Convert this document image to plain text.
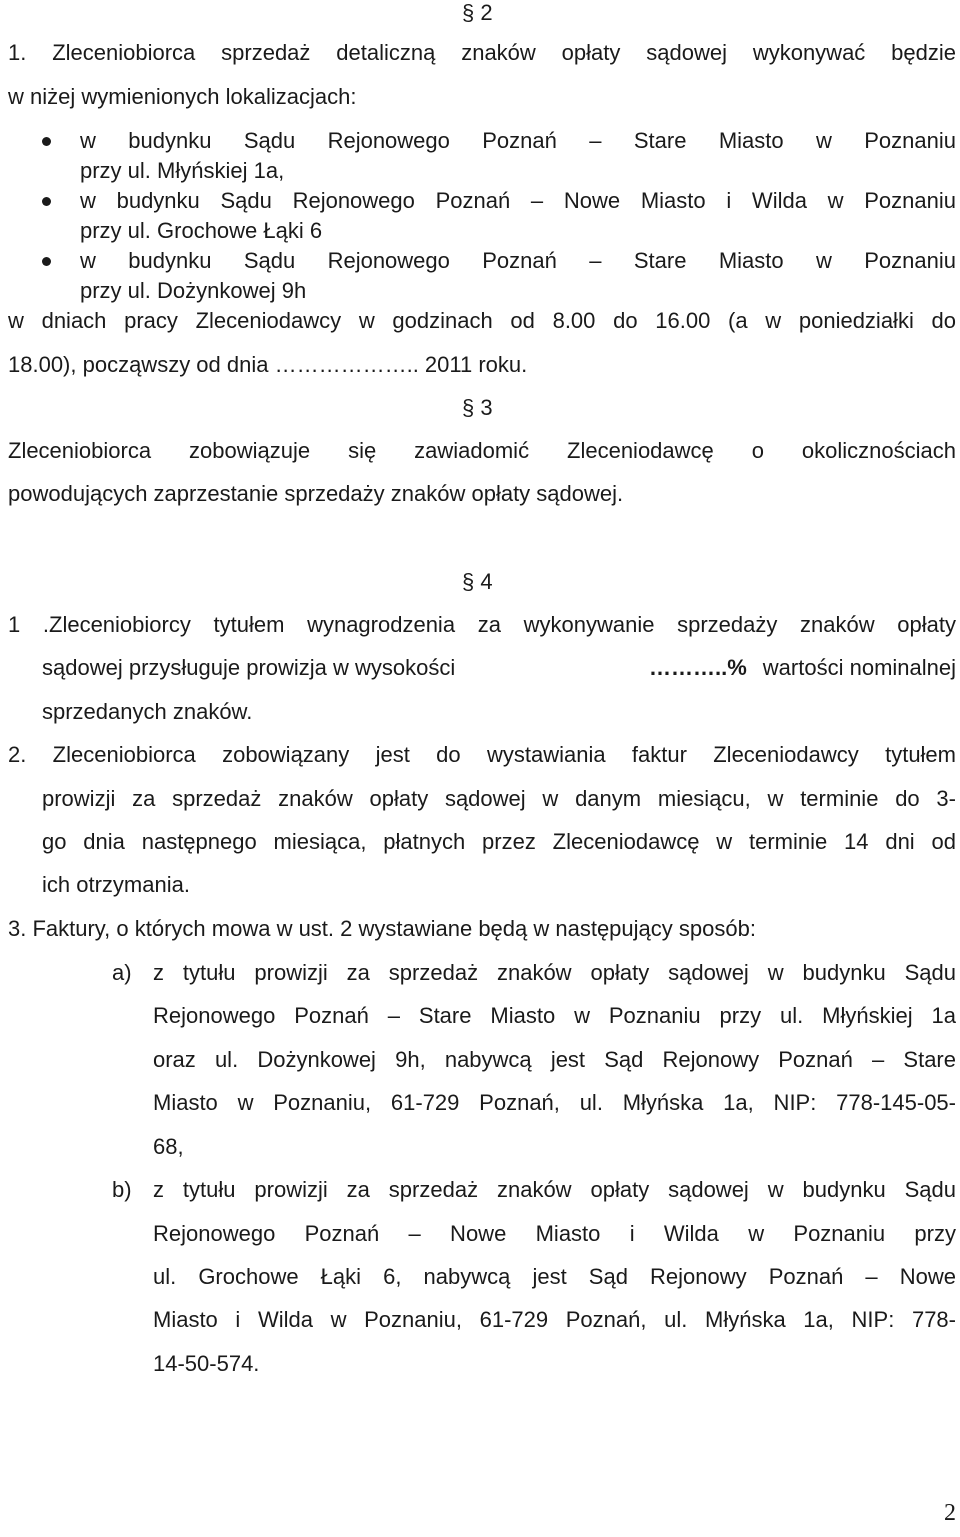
§ 2
1. Zleceniobiorca sprzedaż detaliczną znaków opłaty sądowej wykonywać będzie
w niżej wymienionych lokalizacjach:
w budynku Sądu Rejonowego Poznań – Stare Miasto w Poznaniu
przy ul. Młyńskiej 1a,
w budynku Sądu Rejonowego Poznań – Nowe Miasto i Wilda w Poznaniu
przy ul. Grochowe Łąki 6
w budynku Sądu Rejonowego Poznań – Stare Miasto w Poznaniu
przy ul. Dożynkowej 9h
w dniach pracy Zleceniodawcy w godzinach od 8.00 do 16.00 (a w poniedziałki do
18.00), począwszy od dnia ……………….. 2011 roku.
§ 3
Zleceniobiorca zobowiązuje się zawiadomić Zleceniodawcę o okolicznościach
powodujących zaprzestanie sprzedaży znaków opłaty sądowej.
§ 4
1 .Zleceniobiorcy tytułem wynagrodzenia za wykonywanie sprzedaży znaków opłaty
sądowej przysługuje prowizja w wysokości	………..% wartości nominalnej
sprzedanych znaków.
2. Zleceniobiorca zobowiązany jest do wystawiania faktur Zleceniodawcy tytułem
prowizji za sprzedaż znaków opłaty sądowej w danym miesiącu, w terminie do 3-
go dnia następnego miesiąca, płatnych przez Zleceniodawcę w terminie 14 dni od
ich otrzymania.
3. Faktury, o których mowa w ust. 2 wystawiane będą w następujący sposób:
a) z tytułu prowizji za sprzedaż znaków opłaty sądowej w budynku Sądu
Rejonowego Poznań – Stare Miasto w Poznaniu przy ul. Młyńskiej 1a
oraz ul. Dożynkowej 9h, nabywcą jest Sąd Rejonowy Poznań – Stare
Miasto w Poznaniu, 61-729 Poznań, ul. Młyńska 1a, NIP: 778-145-05-
68,
b) z tytułu prowizji za sprzedaż znaków opłaty sądowej w budynku Sądu
Rejonowego Poznań – Nowe Miasto i Wilda w Poznaniu przy
ul. Grochowe Łąki 6, nabywcą jest Sąd Rejonowy Poznań – Nowe
Miasto i Wilda w Poznaniu, 61-729 Poznań, ul. Młyńska 1a, NIP: 778-
14-50-574.
2
